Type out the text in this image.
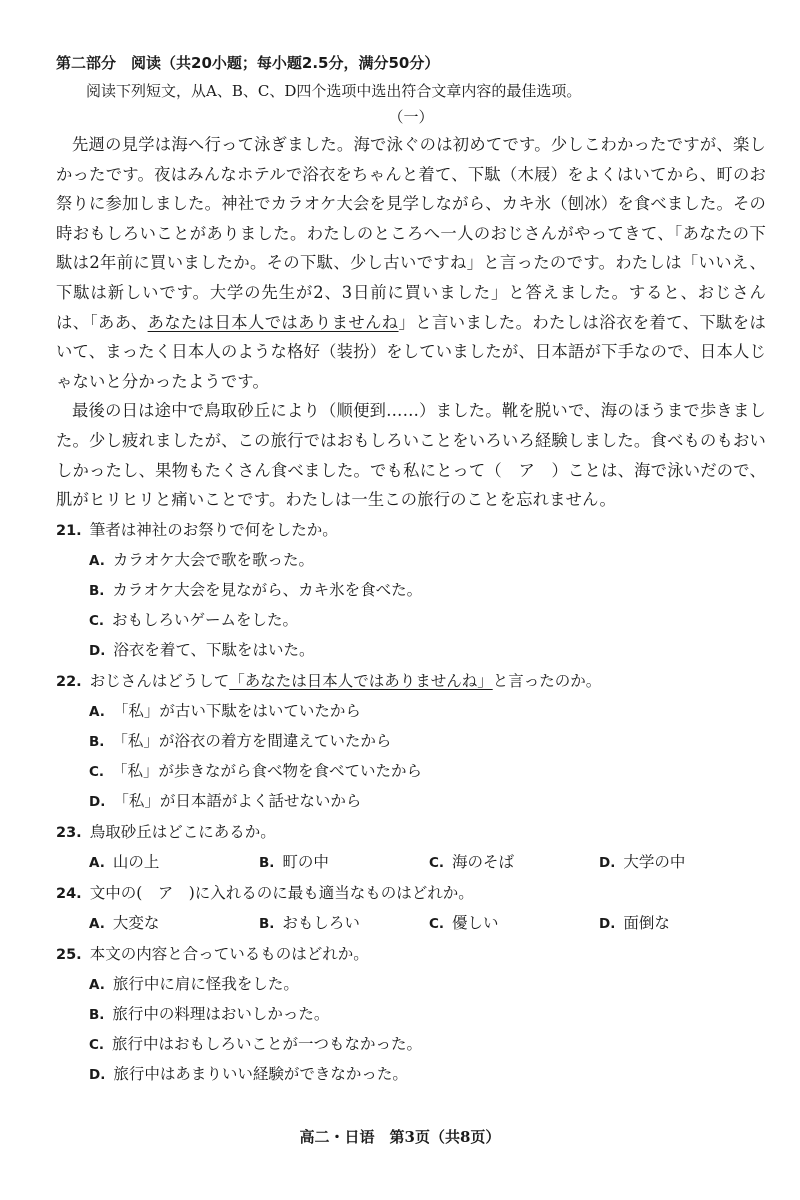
第二部分　阅读（共20小题；每小题2.5分，满分50分）

阅读下列短文，从A、B、C、D四个选项中选出符合文章内容的最佳选项。

（一）

先週の見学は海へ行って泳ぎました。海で泳ぐのは初めてです。少しこわかったですが、楽しかったです。夜はみんなホテルで浴衣をちゃんと着て、下駄（木屐）をよくはいてから、町のお祭りに参加しました。神社でカラオケ大会を見学しながら、カキ氷（刨冰）を食べました。その時おもしろいことがありました。わたしのところへ一人のおじさんがやってきて、「あなたの下駄は2年前に買いましたか。その下駄、少し古いですね」と言ったのです。わたしは「いいえ、下駄は新しいです。大学の先生が2、3日前に買いました」と答えました。すると、おじさんは、「ああ、あなたは日本人ではありませんね」と言いました。わたしは浴衣を着て、下駄をはいて、まったく日本人のような格好（装扮）をしていましたが、日本語が下手なので、日本人じゃないと分かったようです。

最後の日は途中で鳥取砂丘により（顺便到……）ました。靴を脱いで、海のほうまで歩きました。少し疲れましたが、この旅行ではおもしろいことをいろいろ経験しました。食べものもおいしかったし、果物もたくさん食べました。でも私にとって（　ア　）ことは、海で泳いだので、肌がヒリヒリと痛いことです。わたしは一生この旅行のことを忘れません。

21. 筆者は神社のお祭りで何をしたか。

A. カラオケ大会で歌を歌った。
B. カラオケ大会を見ながら、カキ氷を食べた。
C. おもしろいゲームをした。
D. 浴衣を着て、下駄をはいた。

22. おじさんはどうして「あなたは日本人ではありませんね」と言ったのか。

A. 「私」が古い下駄をはいていたから
B. 「私」が浴衣の着方を間違えていたから
C. 「私」が歩きながら食べ物を食べていたから
D. 「私」が日本語がよく話せないから

23. 鳥取砂丘はどこにあるか。

A. 山の上	B. 町の中	C. 海のそば	D. 大学の中

24. 文中の(　ア　)に入れるのに最も適当なものはどれか。

A. 大変な	B. おもしろい	C. 優しい	D. 面倒な

25. 本文の内容と合っているものはどれか。

A. 旅行中に肩に怪我をした。
B. 旅行中の料理はおいしかった。
C. 旅行中はおもしろいことが一つもなかった。
D. 旅行中はあまりいい経験ができなかった。
高二・日语　第3页（共8页）
